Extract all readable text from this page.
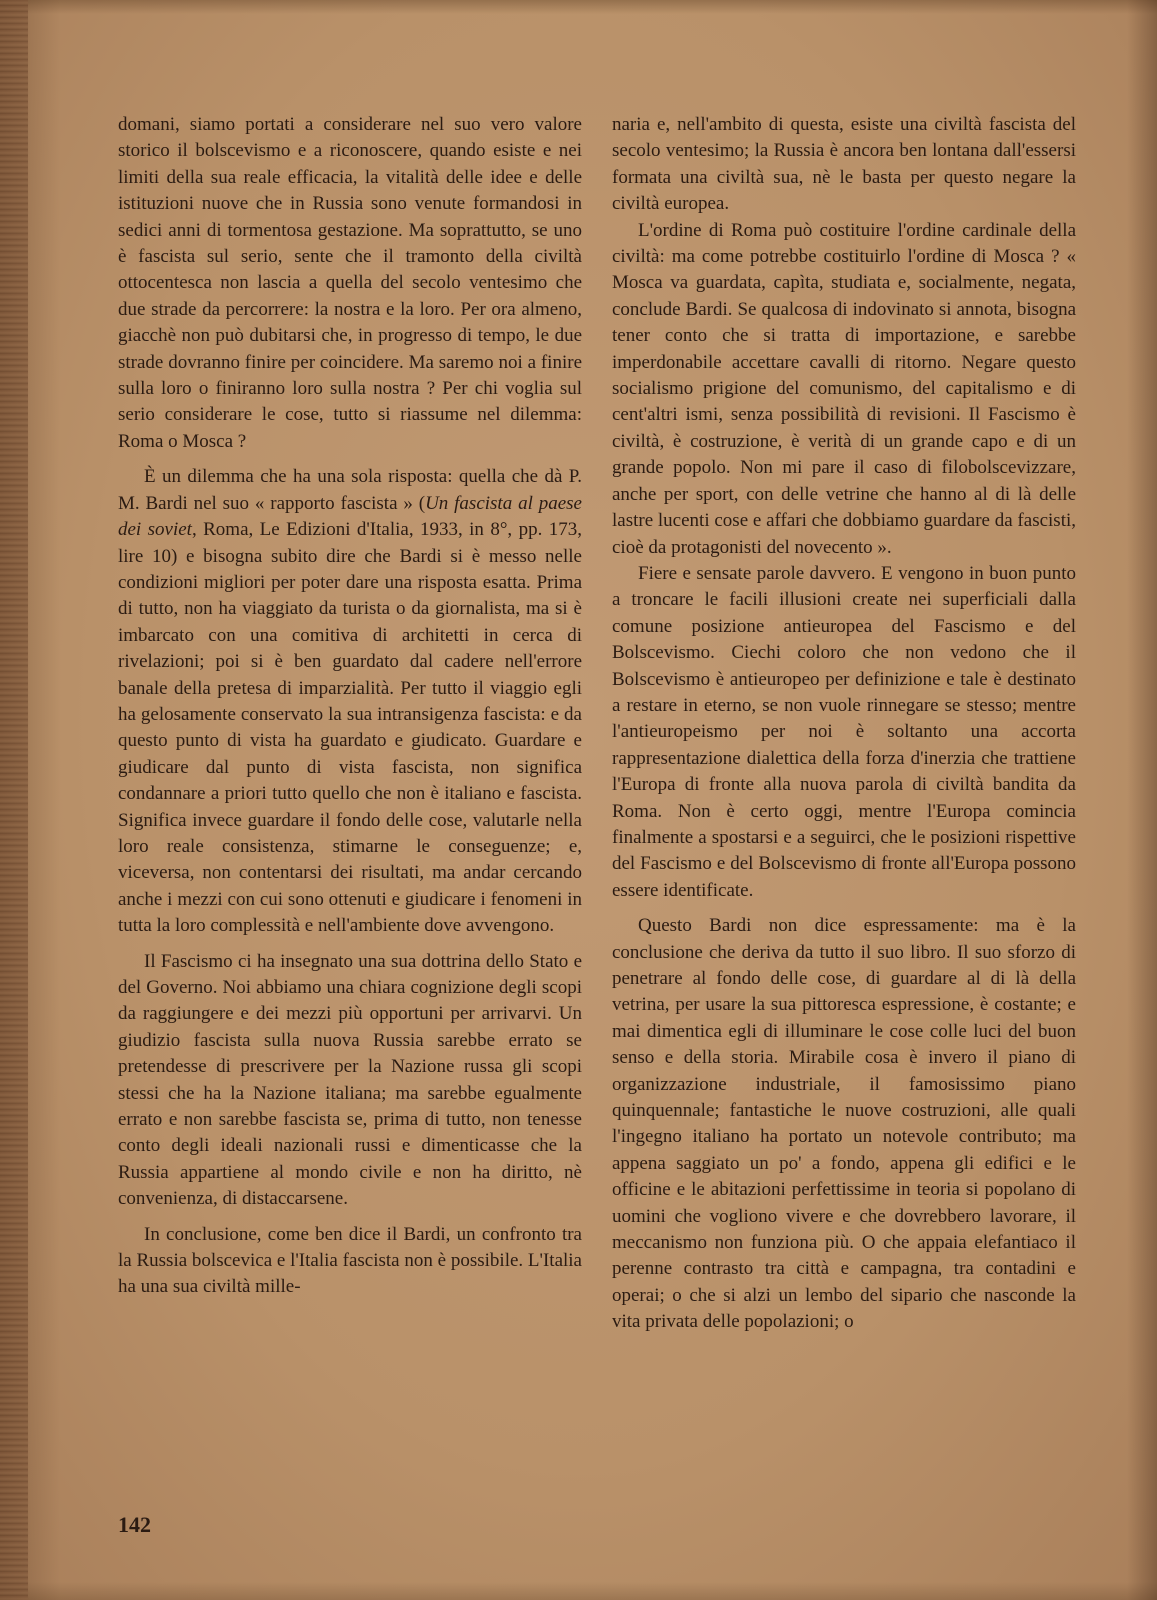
domani, siamo portati a considerare nel suo vero valore storico il bolscevismo e a riconoscere, quando esiste e nei limiti della sua reale efficacia, la vitalità delle idee e delle istituzioni nuove che in Russia sono venute formandosi in sedici anni di tormentosa gestazione. Ma soprattutto, se uno è fascista sul serio, sente che il tramonto della civiltà ottocentesca non lascia a quella del secolo ventesimo che due strade da percorrere: la nostra e la loro. Per ora almeno, giacchè non può dubitarsi che, in progresso di tempo, le due strade dovranno finire per coincidere. Ma saremo noi a finire sulla loro o finiranno loro sulla nostra ? Per chi voglia sul serio considerare le cose, tutto si riassume nel dilemma: Roma o Mosca ?

È un dilemma che ha una sola risposta: quella che dà P. M. Bardi nel suo « rapporto fascista » (Un fascista al paese dei soviet, Roma, Le Edizioni d'Italia, 1933, in 8°, pp. 173, lire 10) e bisogna subito dire che Bardi si è messo nelle condizioni migliori per poter dare una risposta esatta. Prima di tutto, non ha viaggiato da turista o da giornalista, ma si è imbarcato con una comitiva di architetti in cerca di rivelazioni; poi si è ben guardato dal cadere nell'errore banale della pretesa di imparzialità. Per tutto il viaggio egli ha gelosamente conservato la sua intransigenza fascista: e da questo punto di vista ha guardato e giudicato. Guardare e giudicare dal punto di vista fascista, non significa condannare a priori tutto quello che non è italiano e fascista. Significa invece guardare il fondo delle cose, valutarle nella loro reale consistenza, stimarne le conseguenze; e, viceversa, non contentarsi dei risultati, ma andar cercando anche i mezzi con cui sono ottenuti e giudicare i fenomeni in tutta la loro complessità e nell'ambiente dove avvengono.

Il Fascismo ci ha insegnato una sua dottrina dello Stato e del Governo. Noi abbiamo una chiara cognizione degli scopi da raggiungere e dei mezzi più opportuni per arrivarvi. Un giudizio fascista sulla nuova Russia sarebbe errato se pretendesse di prescrivere per la Nazione russa gli scopi stessi che ha la Nazione italiana; ma sarebbe egualmente errato e non sarebbe fascista se, prima di tutto, non tenesse conto degli ideali nazionali russi e dimenticasse che la Russia appartiene al mondo civile e non ha diritto, nè convenienza, di distaccarsene.

In conclusione, come ben dice il Bardi, un confronto tra la Russia bolscevica e l'Italia fascista non è possibile. L'Italia ha una sua civiltà mille-

naria e, nell'ambito di questa, esiste una civiltà fascista del secolo ventesimo; la Russia è ancora ben lontana dall'essersi formata una civiltà sua, nè le basta per questo negare la civiltà europea.

L'ordine di Roma può costituire l'ordine cardinale della civiltà: ma come potrebbe costituirlo l'ordine di Mosca ? « Mosca va guardata, capìta, studiata e, socialmente, negata, conclude Bardi. Se qualcosa di indovinato si annota, bisogna tener conto che si tratta di importazione, e sarebbe imperdonabile accettare cavalli di ritorno. Negare questo socialismo prigione del comunismo, del capitalismo e di cent'altri ismi, senza possibilità di revisioni. Il Fascismo è civiltà, è costruzione, è verità di un grande capo e di un grande popolo. Non mi pare il caso di filobolscevizzare, anche per sport, con delle vetrine che hanno al di là delle lastre lucenti cose e affari che dobbiamo guardare da fascisti, cioè da protagonisti del novecento ».

Fiere e sensate parole davvero. E vengono in buon punto a troncare le facili illusioni create nei superficiali dalla comune posizione antieuropea del Fascismo e del Bolscevismo. Ciechi coloro che non vedono che il Bolscevismo è antieuropeo per definizione e tale è destinato a restare in eterno, se non vuole rinnegare se stesso; mentre l'antieuropeismo per noi è soltanto una accorta rappresentazione dialettica della forza d'inerzia che trattiene l'Europa di fronte alla nuova parola di civiltà bandita da Roma. Non è certo oggi, mentre l'Europa comincia finalmente a spostarsi e a seguirci, che le posizioni rispettive del Fascismo e del Bolscevismo di fronte all'Europa possono essere identificate.

Questo Bardi non dice espressamente: ma è la conclusione che deriva da tutto il suo libro. Il suo sforzo di penetrare al fondo delle cose, di guardare al di là della vetrina, per usare la sua pittoresca espressione, è costante; e mai dimentica egli di illuminare le cose colle luci del buon senso e della storia. Mirabile cosa è invero il piano di organizzazione industriale, il famosissimo piano quinquennale; fantastiche le nuove costruzioni, alle quali l'ingegno italiano ha portato un notevole contributo; ma appena saggiato un po' a fondo, appena gli edifici e le officine e le abitazioni perfettissime in teoria si popolano di uomini che vogliono vivere e che dovrebbero lavorare, il meccanismo non funziona più. O che appaia elefantiaco il perenne contrasto tra città e campagna, tra contadini e operai; o che si alzi un lembo del sipario che nasconde la vita privata delle popolazioni; o

142
